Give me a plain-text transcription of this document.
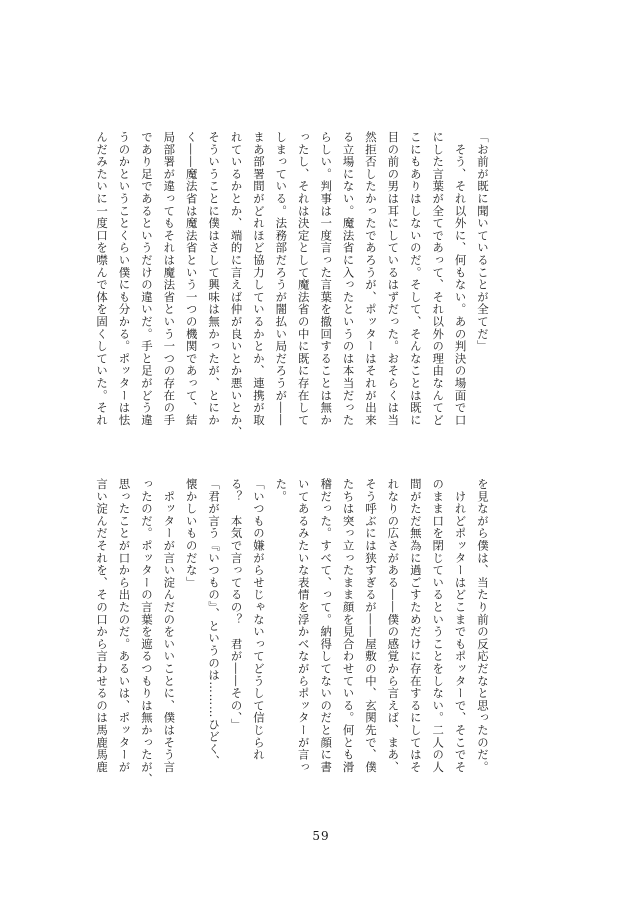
「お前が既に聞いていることが全てだ」
　そう、それ以外に、何もない。あの判決の場面で口
にした言葉が全てであって、それ以外の理由なんてど
こにもありはしないのだ。そして、そんなことは既に
目の前の男は耳にしているはずだった。おそらくは当
然拒否したかったであろうが、ポッターはそれが出来
る立場にない。魔法省に入ったというのは本当だった
らしい。判事は一度言った言葉を撤回することは無か
ったし、それは決定として魔法省の中に既に存在して
しまっている。法務部だろうが闇払い局だろうが――
まあ部署間がどれほど協力しているかとか、連携が取
れているかとか、端的に言えば仲が良いとか悪いとか、
そういうことに僕はさして興味は無かったが、とにか
く――魔法省は魔法省という一つの機関であって、結
局部署が違ってもそれは魔法省という一つの存在の手
であり足であるというだけの違いだ。手と足がどう違
うのかということくらい僕にも分かる。ポッターは怯
んだみたいに一度口を噤んで体を固くしていた。それ
を見ながら僕は、当たり前の反応だなと思ったのだ。
　けれどポッターはどこまでもポッターで、そこでそ
のまま口を閉じているということをしない。二人の人
間がただ無為に過ごすためだけに存在するにしてはそ
れなりの広さがある――僕の感覚から言えば、まあ、
そう呼ぶには狭すぎるが――屋敷の中、玄関先で、僕
たちは突っ立ったまま顔を見合わせている。何とも滑
稽だった。すべて、って。納得してないのだと顔に書
いてあるみたいな表情を浮かべながらポッターが言っ
た。
「いつもの嫌がらせじゃないってどうして信じられ
る？　本気で言ってるの？　君が――その、」
「君が言う『いつもの』、というのは………ひどく、
懐かしいものだな」
　ポッターが言い淀んだのをいいことに、僕はそう言
ったのだ。ポッターの言葉を遮るつもりは無かったが、
思ったことが口から出たのだ。あるいは、ポッターが
言い淀んだそれを、その口から言わせるのは馬鹿馬鹿
59
